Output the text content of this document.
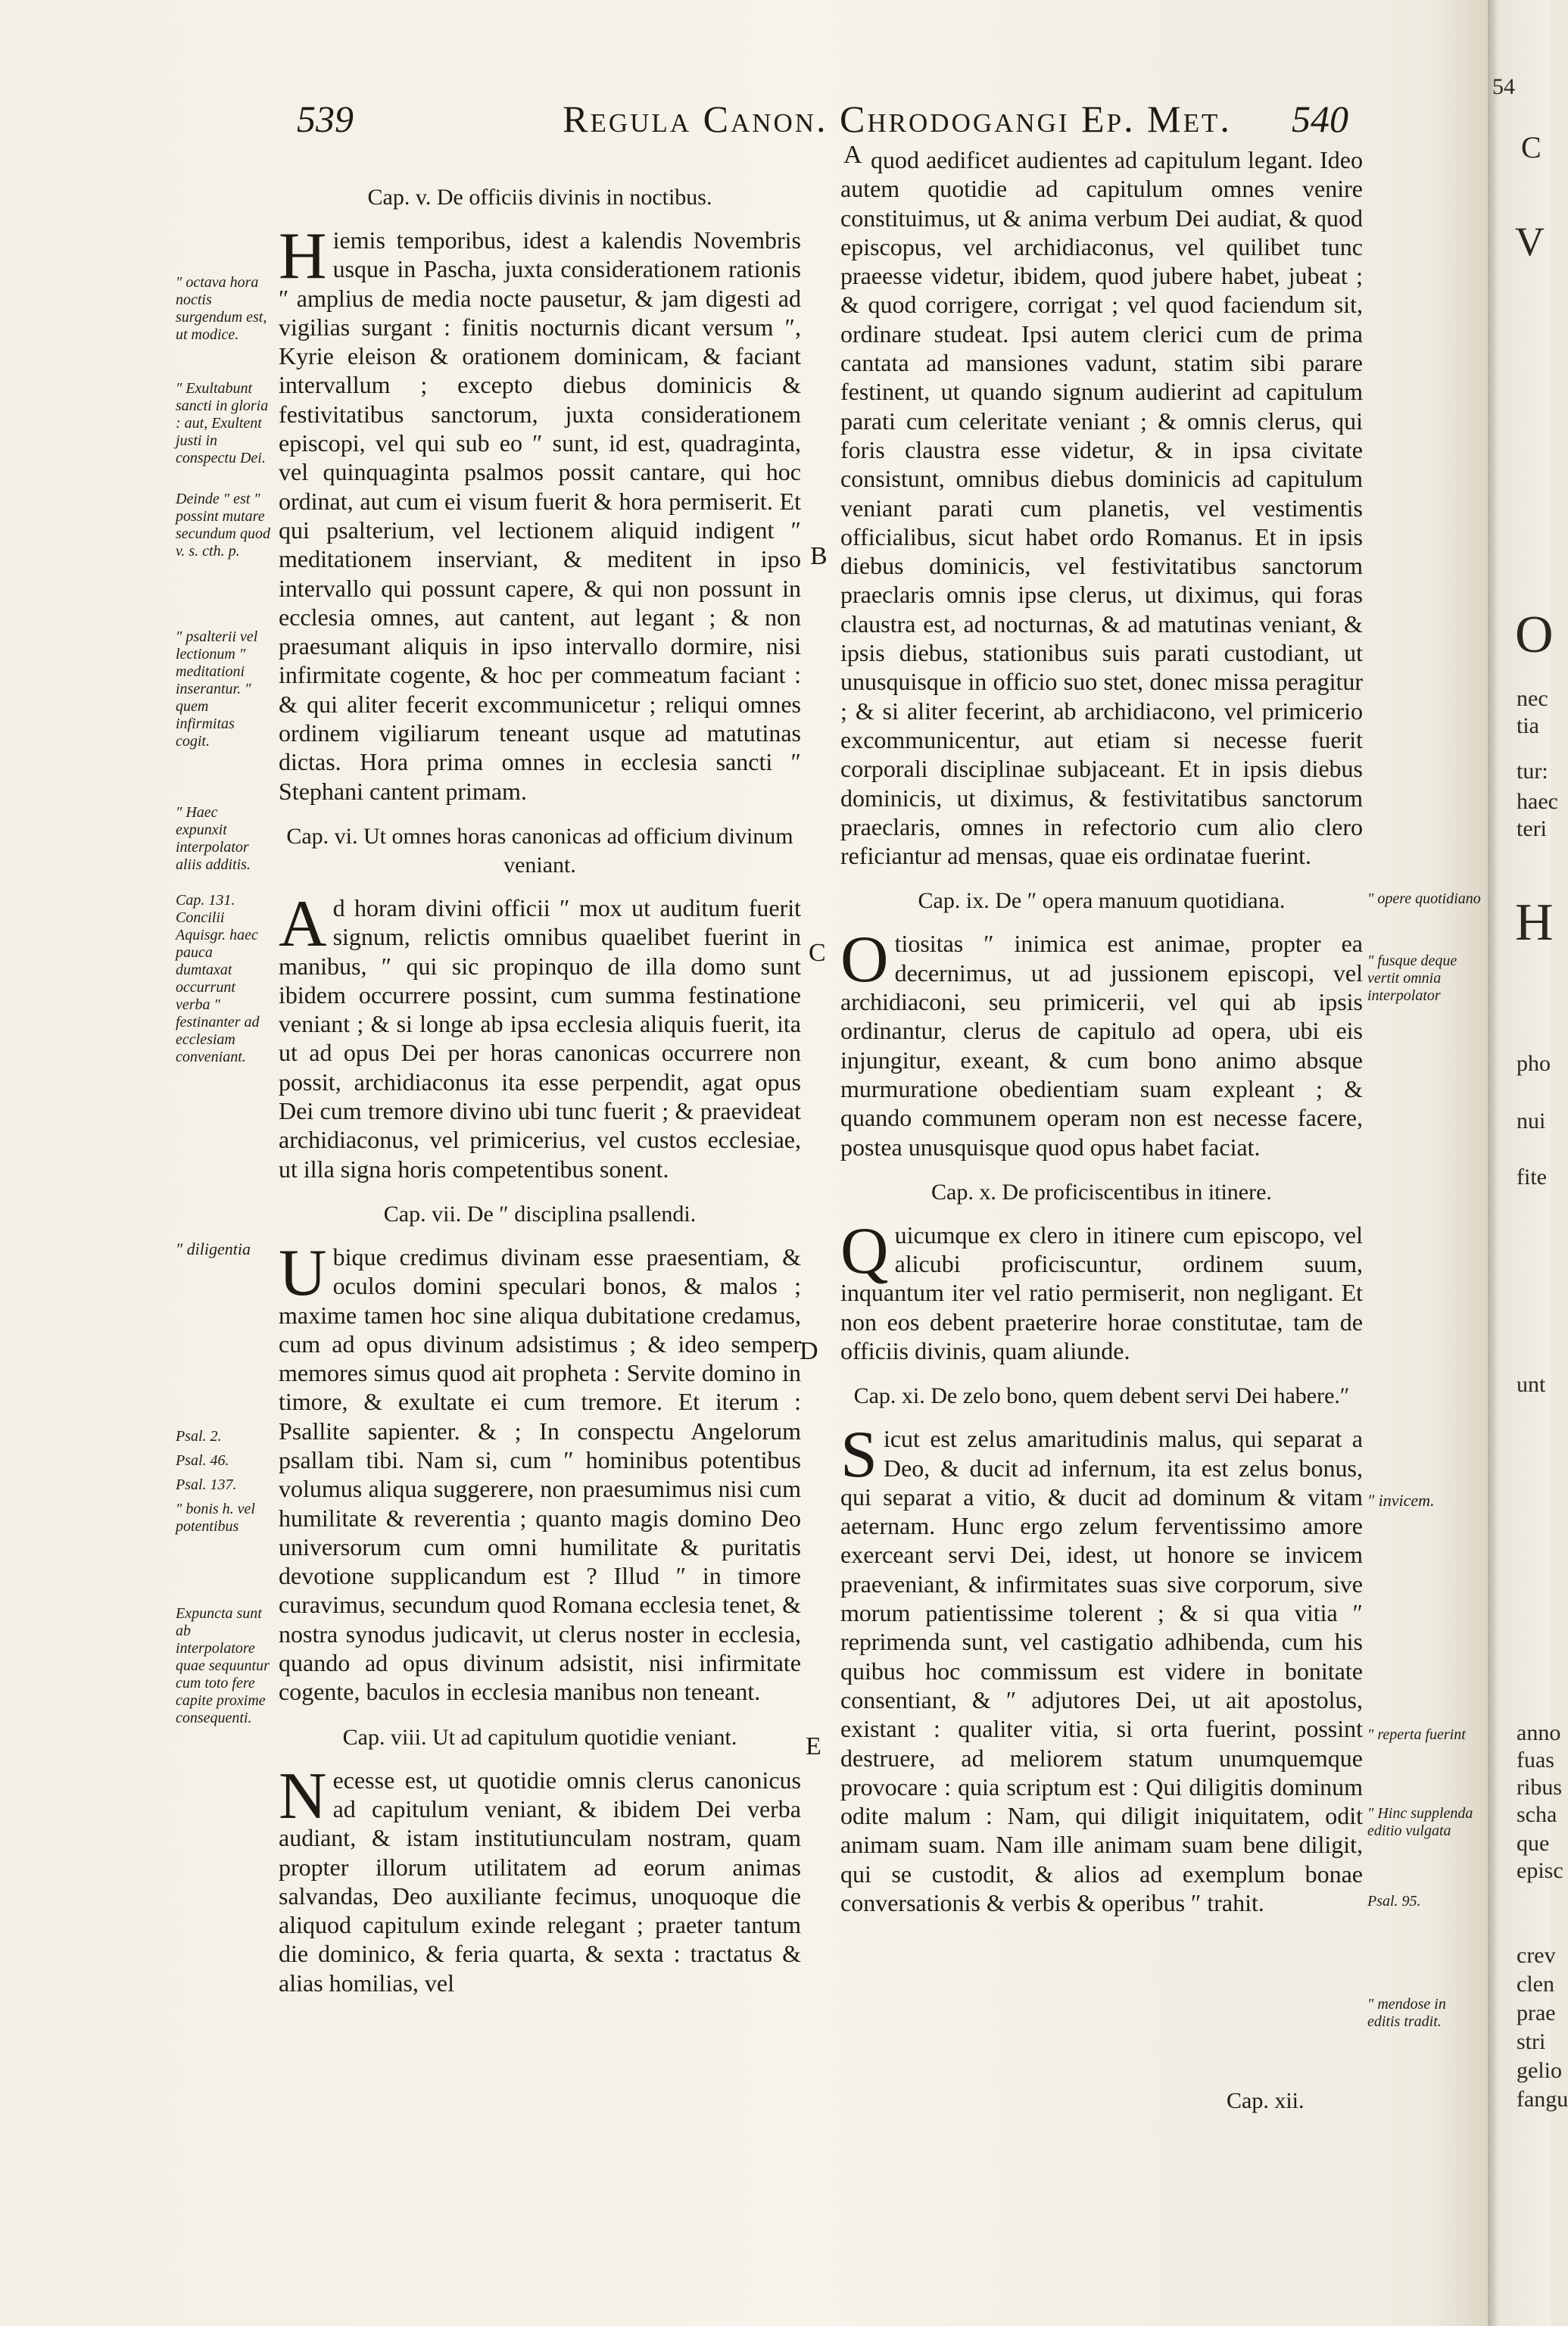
539	Regula Canon. Chrodogangi Ep. Met.	540
″ octava hora noctis surgendum est, ut modice.
″ Exultabunt sancti in gloria : aut, Exultent justi in conspectu Dei.
Deinde ″ est ″ possint mutare secundum quod v. s. cth. p.
″ psalterii vel lectionum ″ meditationi inserantur. ″ quem infirmitas cogit.
″ Haec expunxit interpolator aliis additis.
Cap. 131. Concilii Aquisgr. haec pauca dumtaxat occurrunt verba ″ festinanter ad ecclesiam conveniant.
″ diligentia
Psal. 2.
Psal. 46.
Psal. 137.
″ bonis h. vel potentibus
Expuncta sunt ab interpolatore quae sequuntur cum toto fere capite proxime consequenti.
Cap. v. De officiis divinis in noctibus.

Hiemis temporibus, idest a kalendis Novembris usque in Pascha, juxta considerationem rationis ″ amplius de media nocte pausetur, & jam digesti ad vigilias surgant : finitis nocturnis dicant versum ″, Kyrie eleison & orationem dominicam, & faciant intervallum ; excepto diebus dominicis & festivitatibus sanctorum, juxta considerationem episcopi, vel qui sub eo ″ sunt, id est, quadraginta, vel quinquaginta psalmos possit cantare, qui hoc ordinat, aut cum ei visum fuerit & hora permiserit. Et qui psalterium, vel lectionem aliquid indigent ″ meditationem inserviant, & meditent in ipso intervallo qui possunt capere, & qui non possunt in ecclesia omnes, aut cantent, aut legant ; & non praesumant aliquis in ipso intervallo dormire, nisi infirmitate cogente, & hoc per commeatum faciant : & qui aliter fecerit excommunicetur ; reliqui omnes ordinem vigiliarum teneant usque ad matutinas dictas. Hora prima omnes in ecclesia sancti ″ Stephani cantent primam.

Cap. vi. Ut omnes horas canonicas ad officium divinum veniant.

Ad horam divini officii ″ mox ut auditum fuerit signum, relictis omnibus quaelibet fuerint in manibus, ″ qui sic propinquo de illa domo sunt ibidem occurrere possint, cum summa festinatione veniant ; & si longe ab ipsa ecclesia aliquis fuerit, ita ut ad opus Dei per horas canonicas occurrere non possit, archidiaconus ita esse perpendit, agat opus Dei cum tremore divino ubi tunc fuerit ; & praevideat archidiaconus, vel primicerius, vel custos ecclesiae, ut illa signa horis competentibus sonent.

Cap. vii. De ″ disciplina psallendi.

Ubique credimus divinam esse praesentiam, & oculos domini speculari bonos, & malos ; maxime tamen hoc sine aliqua dubitatione credamus, cum ad opus divinum adsistimus ; & ideo semper memores simus quod ait propheta : Servite domino in timore, & exultate ei cum tremore. Et iterum : Psallite sapienter. & ; In conspectu Angelorum psallam tibi. Nam si, cum ″ hominibus potentibus volumus aliqua suggerere, non praesumimus nisi cum humilitate & reverentia ; quanto magis domino Deo universorum cum omni humilitate & puritatis devotione supplicandum est ? Illud ″ in timore curavimus, secundum quod Romana ecclesia tenet, & nostra synodus judicavit, ut clerus noster in ecclesia, quando ad opus divinum adsistit, nisi infirmitate cogente, baculos in ecclesia manibus non teneant.

Cap. viii. Ut ad capitulum quotidie veniant.

Necesse est, ut quotidie omnis clerus canonicus ad capitulum veniant, & ibidem Dei verba audiant, & istam institutiunculam nostram, quam propter illorum utilitatem ad eorum animas salvandas, Deo auxiliante fecimus, unoquoque die aliquod capitulum exinde relegant ; praeter tantum die dominico, & feria quarta, & sexta : tractatus & alias homilias, vel

A
B
C
D
E

quod aedificet audientes ad capitulum legant. Ideo autem quotidie ad capitulum omnes venire constituimus, ut & anima verbum Dei audiat, & quod episcopus, vel archidiaconus, vel quilibet tunc praeesse videtur, ibidem, quod jubere habet, jubeat ; & quod corrigere, corrigat ; vel quod faciendum sit, ordinare studeat. Ipsi autem clerici cum de prima cantata ad mansiones vadunt, statim sibi parare festinent, ut quando signum audierint ad capitulum parati cum celeritate veniant ; & omnis clerus, qui foris claustra esse videtur, & in ipsa civitate consistunt, omnibus diebus dominicis ad capitulum veniant parati cum planetis, vel vestimentis officialibus, sicut habet ordo Romanus. Et in ipsis diebus dominicis, vel festivitatibus sanctorum praeclaris omnis ipse clerus, ut diximus, qui foras claustra est, ad nocturnas, & ad matutinas veniant, & ipsis diebus, stationibus suis parati custodiant, ut unusquisque in officio suo stet, donec missa peragitur ; & si aliter fecerint, ab archidiacono, vel primicerio excommunicentur, aut etiam si necesse fuerit corporali disciplinae subjaceant. Et in ipsis diebus dominicis, ut diximus, & festivitatibus sanctorum praeclaris, omnes in refectorio cum alio clero reficiantur ad mensas, quae eis ordinatae fuerint.

Cap. ix. De ″ opera manuum quotidiana.

Otiositas ″ inimica est animae, propter ea decernimus, ut ad jussionem episcopi, vel archidiaconi, seu primicerii, vel qui ab ipsis ordinantur, clerus de capitulo ad opera, ubi eis injungitur, exeant, & cum bono animo absque murmuratione obedientiam suam expleant ; & quando communem operam non est necesse facere, postea unusquisque quod opus habet faciat.

Cap. x. De proficiscentibus in itinere.

Quicumque ex clero in itinere cum episcopo, vel alicubi proficiscuntur, ordinem suum, inquantum iter vel ratio permiserit, non negligant. Et non eos debent praeterire horae constitutae, tam de officiis divinis, quam aliunde.

Cap. xi. De zelo bono, quem debent servi Dei habere.″

Sicut est zelus amaritudinis malus, qui separat a Deo, & ducit ad infernum, ita est zelus bonus, qui separat a vitio, & ducit ad dominum & vitam aeternam. Hunc ergo zelum ferventissimo amore exerceant servi Dei, idest, ut honore se invicem praeveniant, & infirmitates suas sive corporum, sive morum patientissime tolerent ; & si qua vitia ″ reprimenda sunt, vel castigatio adhibenda, cum his quibus hoc commissum est videre in bonitate consentiant, & ″ adjutores Dei, ut ait apostolus, existant : qualiter vitia, si orta fuerint, possint destruere, ad meliorem statum unumquemque provocare : quia scriptum est : Qui diligitis dominum odite malum : Nam, qui diligit iniquitatem, odit animam suam. Nam ille animam suam bene diligit, qui se custodit, & alios ad exemplum bonae conversationis & verbis & operibus ″ trahit.

Cap. xii.
″ opere quotidiano
″ fusque deque vertit omnia interpolator
″ invicem.
″ reperta fuerint
″ Hinc supplenda editio vulgata
Psal. 95.
″ mendose in editis tradit.
54
C
V
O
H
tur:
haec
teri
nec
tia
fite
unt
pho
nui
anno
fuas
ribus
scha
que
episc
crev
clen
prae
stri
gelio
fangu
